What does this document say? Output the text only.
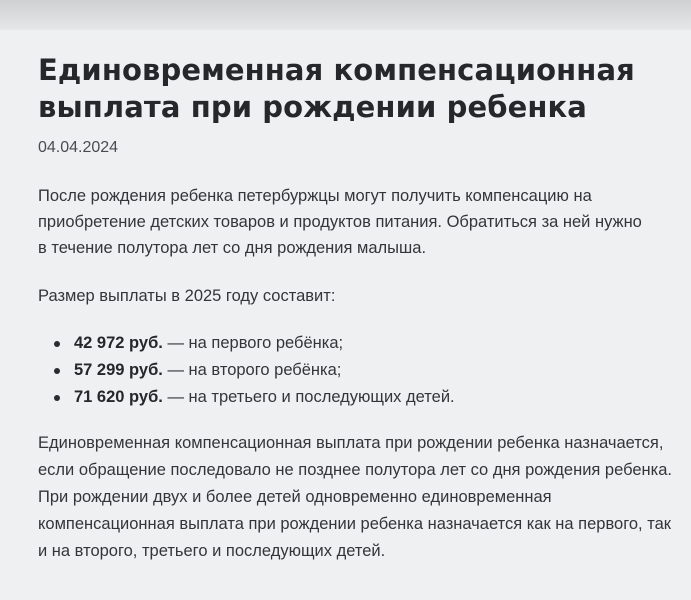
Единовременная компенсационная выплата при рождении ребенка

04.04.2024

После рождения ребенка петербуржцы могут получить компенсацию на приобретение детских товаров и продуктов питания. Обратиться за ней нужно в течение полутора лет со дня рождения малыша.

Размер выплаты в 2025 году составит:

42 972 руб. — на первого ребёнка;
57 299 руб. — на второго ребёнка;
71 620 руб. — на третьего и последующих детей.

Единовременная компенсационная выплата при рождении ребенка назначается, если обращение последовало не позднее полутора лет со дня рождения ребенка. При рождении двух и более детей одновременно единовременная компенсационная выплата при рождении ребенка назначается как на первого, так и на второго, третьего и последующих детей.
